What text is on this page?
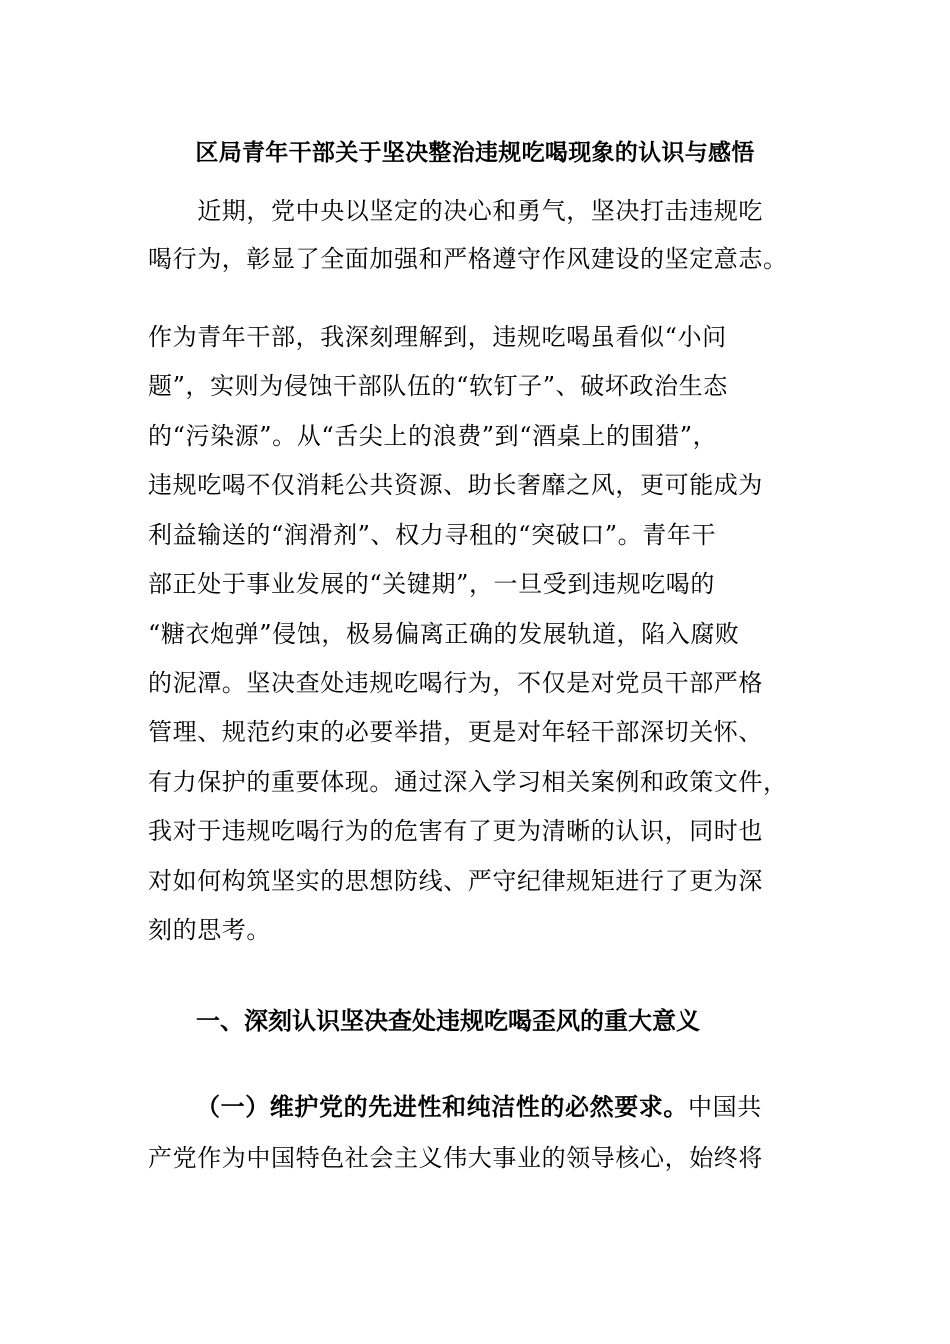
区局青年干部关于坚决整治违规吃喝现象的认识与感悟
　　近期，党中央以坚定的决心和勇气，坚决打击违规吃
喝行为，彰显了全面加强和严格遵守作风建设的坚定意志。
作为青年干部，我深刻理解到，违规吃喝虽看似“小问
题”，实则为侵蚀干部队伍的“软钉子”、破坏政治生态
的“污染源”。从“舌尖上的浪费”到“酒桌上的围猎”，
违规吃喝不仅消耗公共资源、助长奢靡之风，更可能成为
利益输送的“润滑剂”、权力寻租的“突破口”。青年干
部正处于事业发展的“关键期”，一旦受到违规吃喝的
“糖衣炮弹”侵蚀，极易偏离正确的发展轨道，陷入腐败
的泥潭。坚决查处违规吃喝行为，不仅是对党员干部严格
管理、规范约束的必要举措，更是对年轻干部深切关怀、
有力保护的重要体现。通过深入学习相关案例和政策文件，
我对于违规吃喝行为的危害有了更为清晰的认识，同时也
对如何构筑坚实的思想防线、严守纪律规矩进行了更为深
刻的思考。
一、深刻认识坚决查处违规吃喝歪风的重大意义
（一）维护党的先进性和纯洁性的必然要求。中国共
产党作为中国特色社会主义伟大事业的领导核心，始终将
